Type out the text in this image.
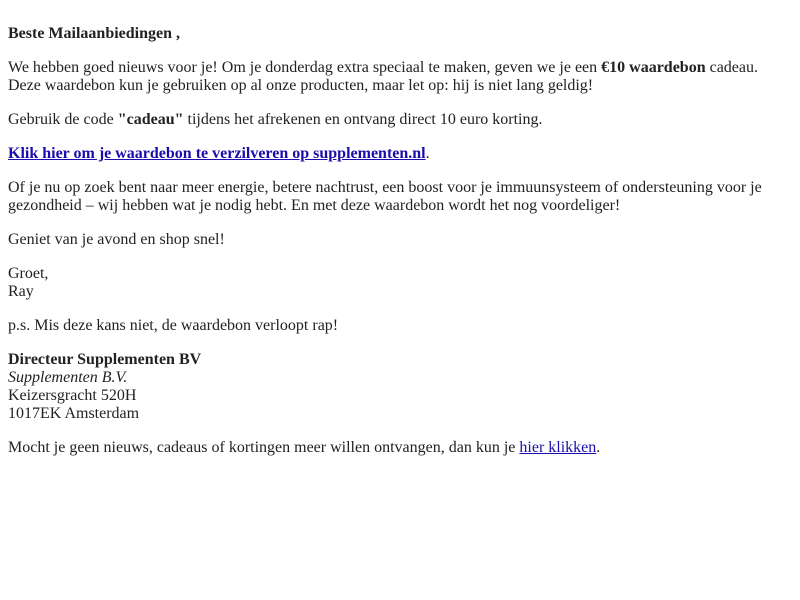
Beste Mailaanbiedingen ,

We hebben goed nieuws voor je! Om je donderdag extra speciaal te maken, geven we je een €10 waardebon cadeau.
Deze waardebon kun je gebruiken op al onze producten, maar let op: hij is niet lang geldig!

Gebruik de code "cadeau" tijdens het afrekenen en ontvang direct 10 euro korting.

Klik hier om je waardebon te verzilveren op supplementen.nl.

Of je nu op zoek bent naar meer energie, betere nachtrust, een boost voor je immuunsysteem of ondersteuning voor je gezondheid – wij hebben wat je nodig hebt. En met deze waardebon wordt het nog voordeliger!

Geniet van je avond en shop snel!

Groet,
Ray

p.s. Mis deze kans niet, de waardebon verloopt rap!

Directeur Supplementen BV
Supplementen B.V.
Keizersgracht 520H
1017EK Amsterdam

Mocht je geen nieuws, cadeaus of kortingen meer willen ontvangen, dan kun je hier klikken.
